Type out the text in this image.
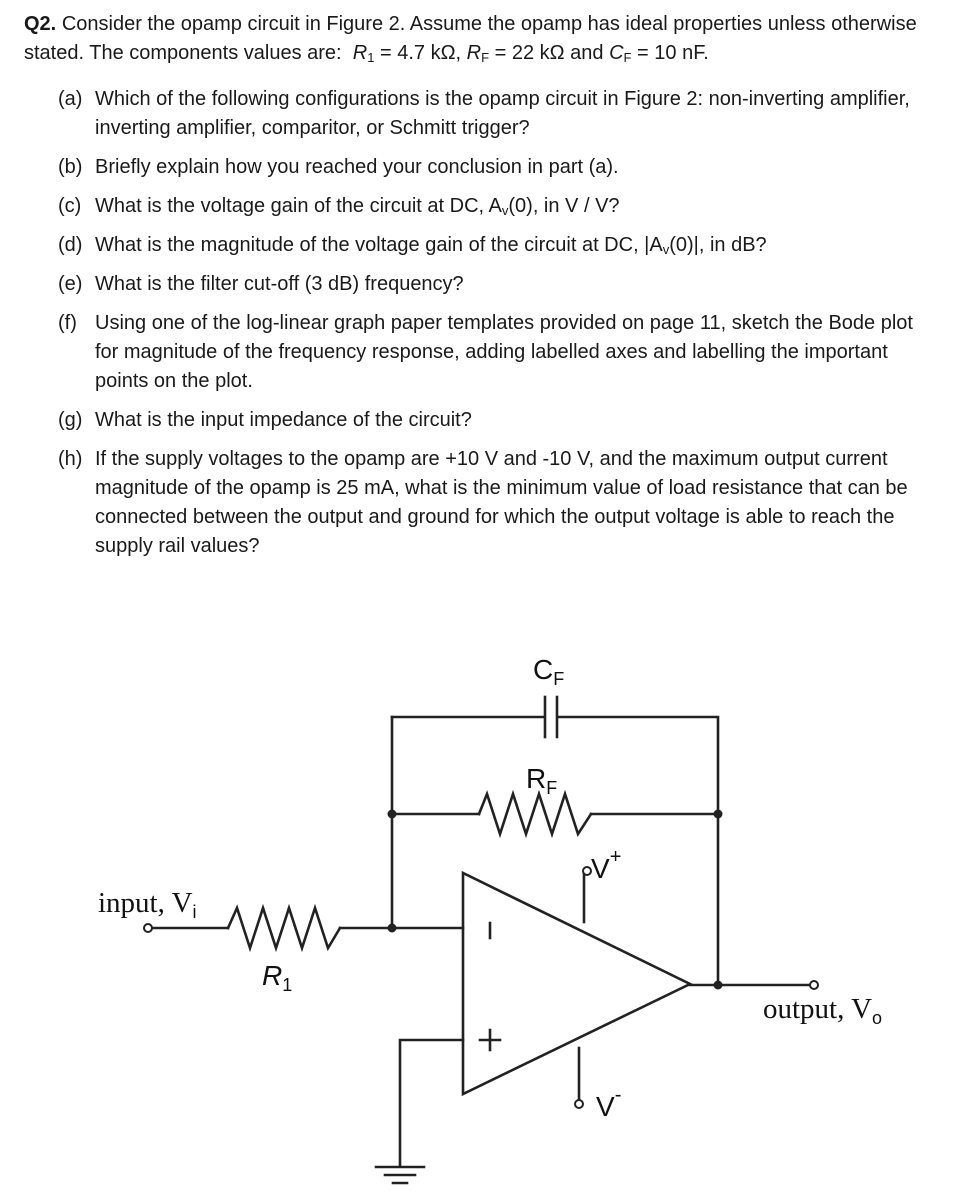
Q2. Consider the opamp circuit in Figure 2. Assume the opamp has ideal properties unless otherwise stated. The components values are: $R_1 = 4.7$ kΩ, $R_F = 22$ kΩ and $C_F = 10$ nF.

(a) Which of the following configurations is the opamp circuit in Figure 2: non-inverting amplifier, inverting amplifier, comparitor, or Schmitt trigger?
(b) Briefly explain how you reached your conclusion in part (a).
(c) What is the voltage gain of the circuit at DC, $A_v(0)$, in V / V?
(d) What is the magnitude of the voltage gain of the circuit at DC, $|A_v(0)|$, in dB?
(e) What is the filter cut-off (3 dB) frequency?
(f) Using one of the log-linear graph paper templates provided on page 11, sketch the Bode plot for magnitude of the frequency response, adding labelled axes and labelling the important points on the plot.
(g) What is the input impedance of the circuit?
(h) If the supply voltages to the opamp are +10 V and -10 V, and the maximum output current magnitude of the opamp is 25 mA, what is the minimum value of load resistance that can be connected between the output and ground for which the output voltage is able to reach the supply rail values?
$C_F$
$R_F$
$R_1$
input, $V_i$
output, $V_o$
V+
V-
